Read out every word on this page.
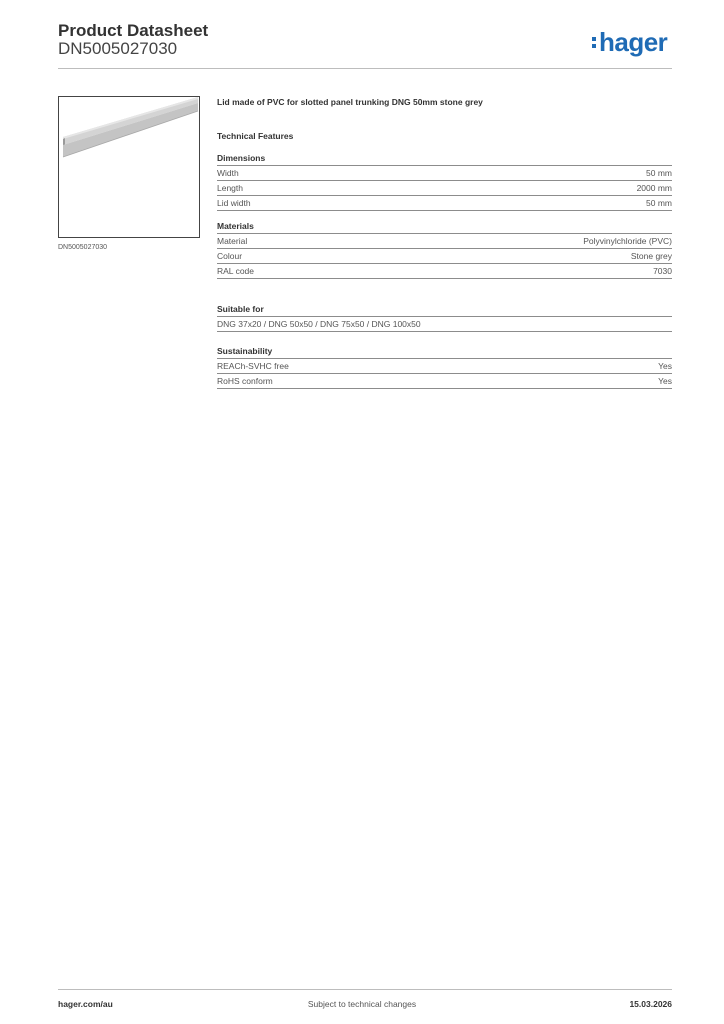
Product Datasheet
DN5005027030	hager
DN5005027030
Lid made of PVC for slotted panel trunking DNG 50mm stone grey
Technical Features
Dimensions
Width	50 mm
Length	2000 mm
Lid width	50 mm
Materials
Material	Polyvinylchloride (PVC)
Colour	Stone grey
RAL code	7030
Suitable for
DNG 37x20 / DNG 50x50 / DNG 75x50 / DNG 100x50
Sustainability
REACh-SVHC free	Yes
RoHS conform	Yes
hager.com/au	Subject to technical changes	15.03.2026
